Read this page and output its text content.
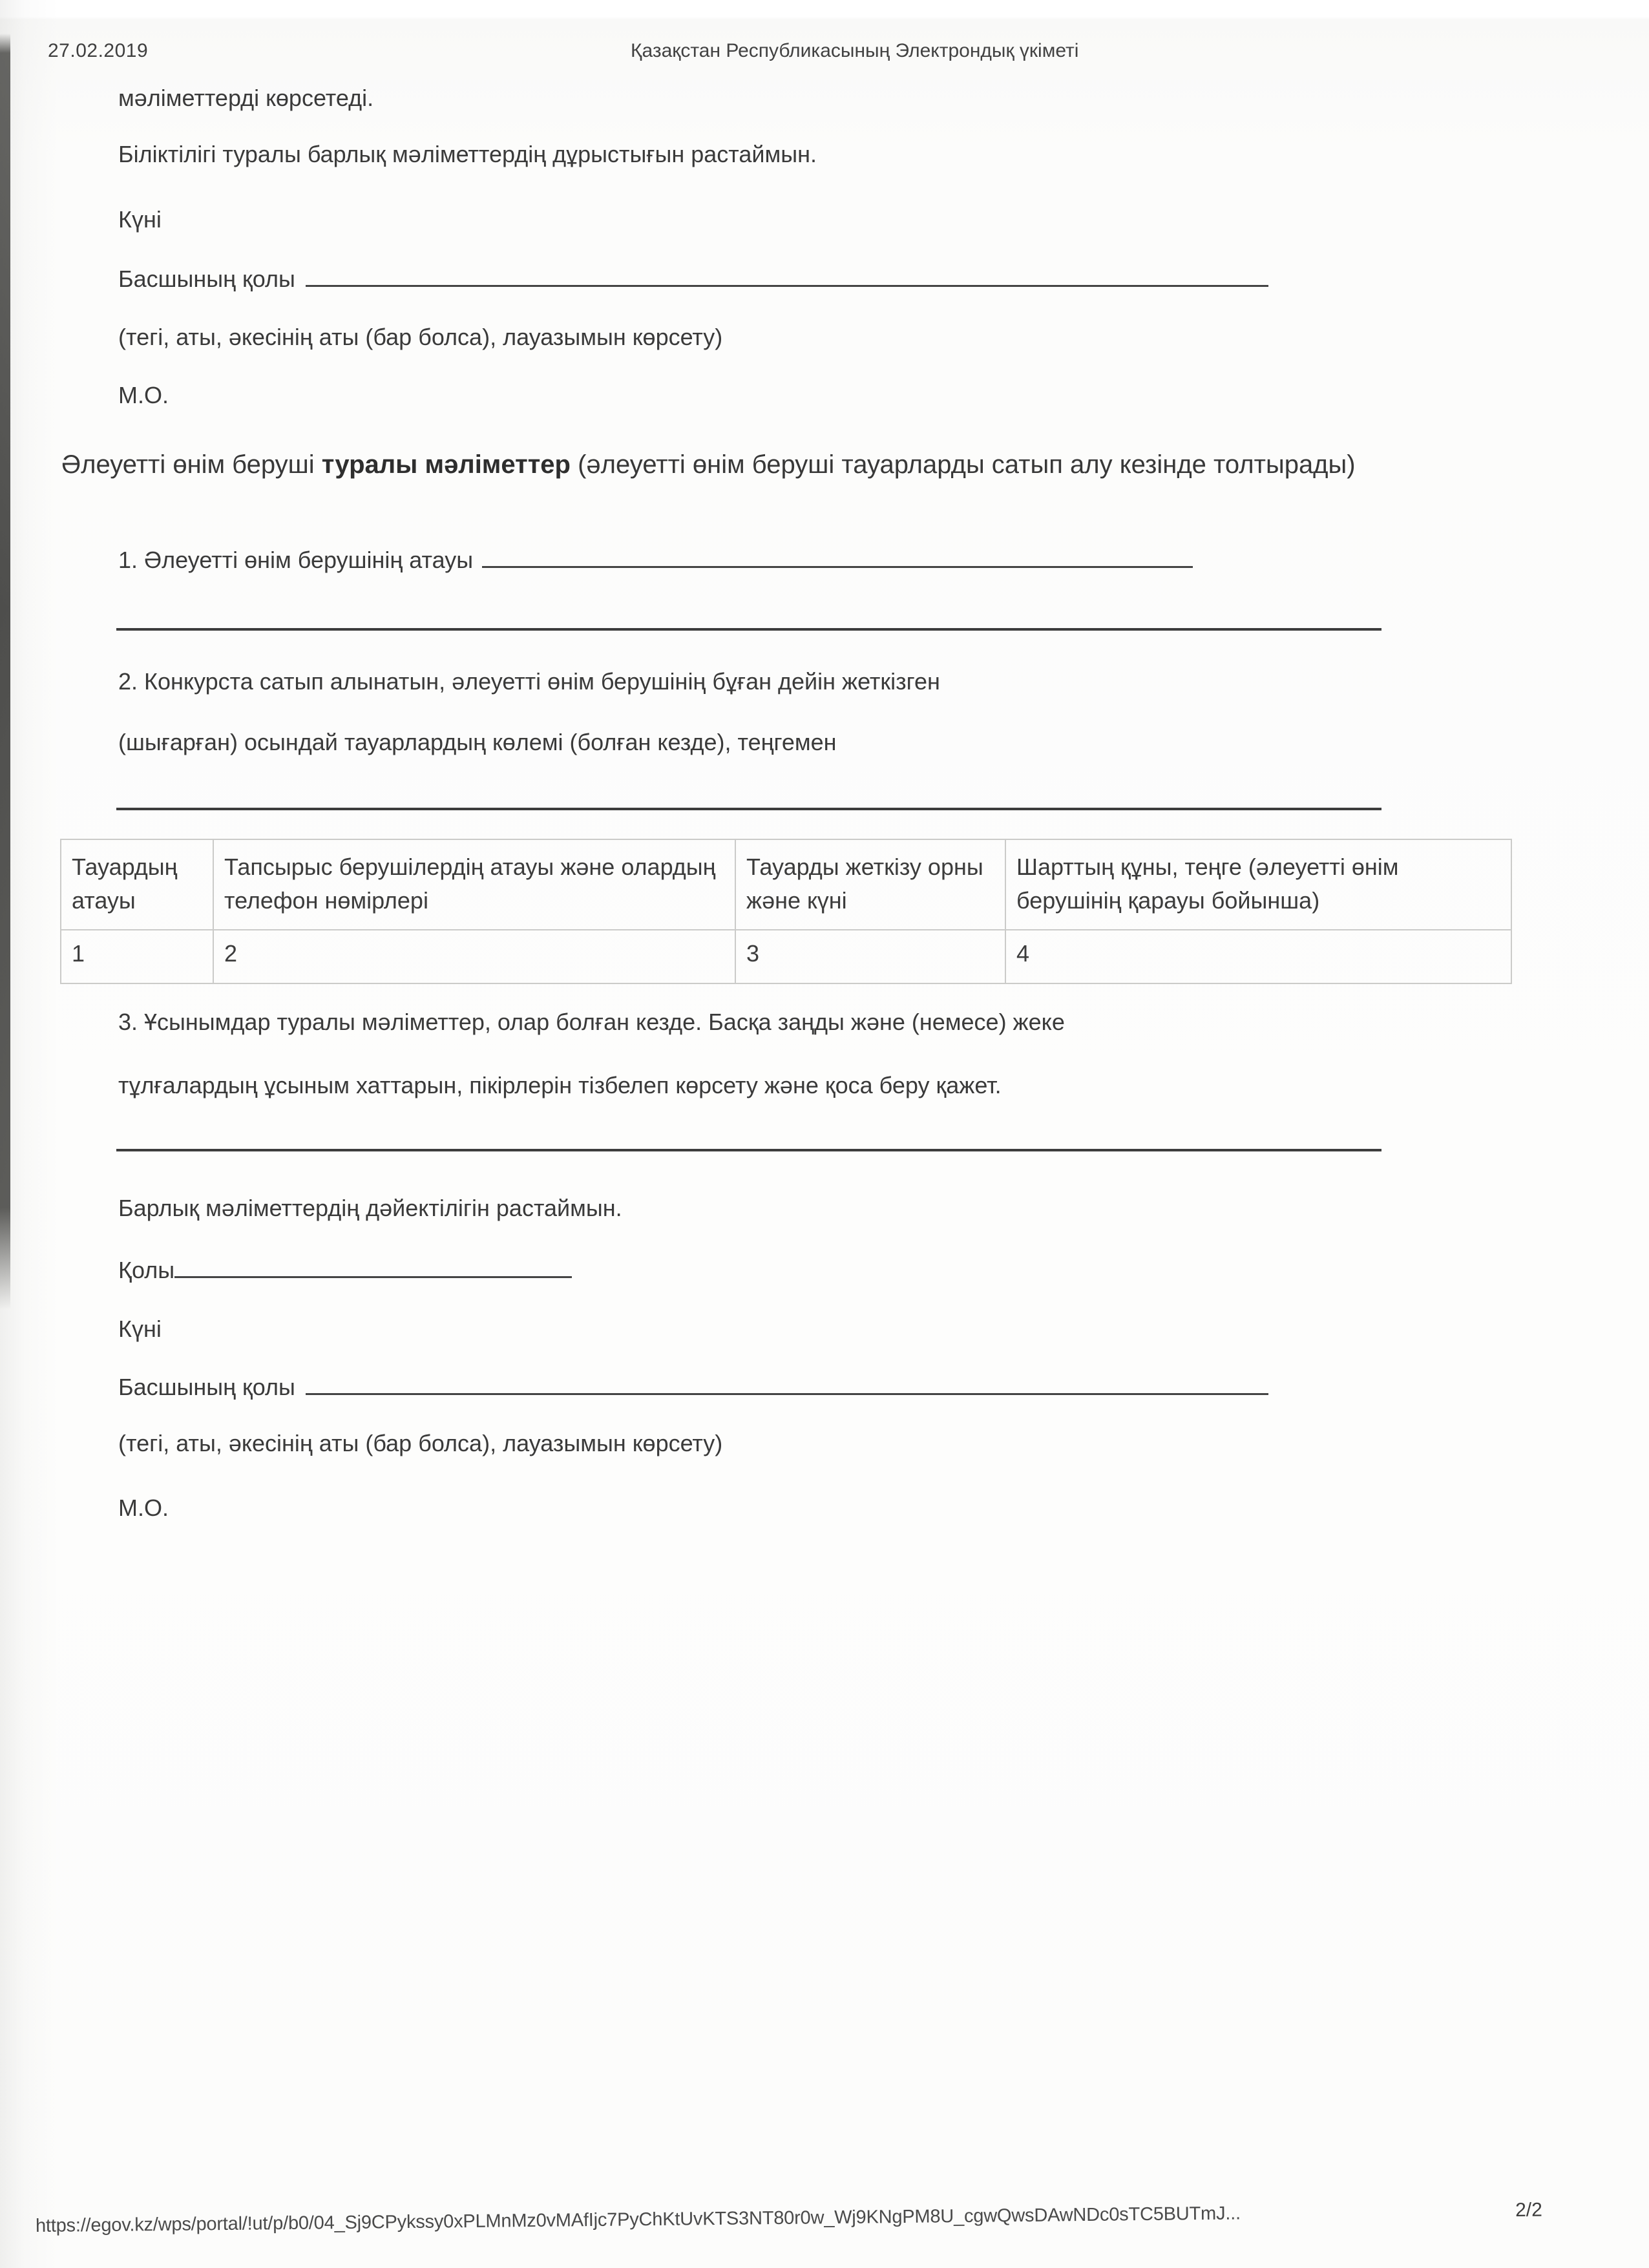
27.02.2019	Қазақстан Республикасының Электрондық үкіметі
мәліметтерді көрсетеді.
Біліктілігі туралы барлық мәліметтердің дұрыстығын растаймын.
Күні
Басшының қолы
(тегі, аты, әкесінің аты (бар болса), лауазымын көрсету)
М.О.
Әлеуетті өнім беруші туралы мәліметтер (әлеуетті өнім беруші тауарларды сатып алу кезінде толтырады)
1. Әлеуетті өнім берушінің атауы
2. Конкурста сатып алынатын, әлеуетті өнім берушінің бұған дейін жеткізген
(шығарған) осындай тауарлардың көлемі (болған кезде), теңгемен
Тауардың атауы	Тапсырыс берушілердің атауы және олардың телефон нөмірлері	Тауарды жеткізу орны және күні	Шарттың құны, теңге (әлеуетті өнім берушінің қарауы бойынша)
1	2	3	4
3. Ұсынымдар туралы мәліметтер, олар болған кезде. Басқа заңды және (немесе) жеке
тұлғалардың ұсыным хаттарын, пікірлерін тізбелеп көрсету және қоса беру қажет.
Барлық мәліметтердің дәйектілігін растаймын.
Қолы
Күні
Басшының қолы
(тегі, аты, әкесінің аты (бар болса), лауазымын көрсету)
М.О.
https://egov.kz/wps/portal/!ut/p/b0/04_Sj9CPykssy0xPLMnMz0vMAfIjc7PyChKtUvKTS3NT80r0w_Wj9KNgPM8U_cgwQwsDAwNDc0sTC5BUTmJ...	2/2
